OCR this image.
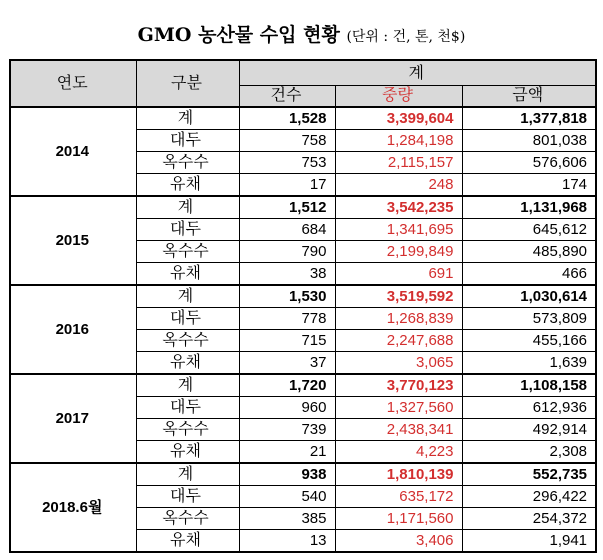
GMO 농산물 수입 현황 (단위 : 건, 톤, 천$)
연도	구분	계		
		건수	중량	금액
2014	계	1,528	3,399,604	1,377,818
	대두	758	1,284,198	801,038
	옥수수	753	2,115,157	576,606
	유채	17	248	174
2015	계	1,512	3,542,235	1,131,968
	대두	684	1,341,695	645,612
	옥수수	790	2,199,849	485,890
	유채	38	691	466
2016	계	1,530	3,519,592	1,030,614
	대두	778	1,268,839	573,809
	옥수수	715	2,247,688	455,166
	유채	37	3,065	1,639
2017	계	1,720	3,770,123	1,108,158
	대두	960	1,327,560	612,936
	옥수수	739	2,438,341	492,914
	유채	21	4,223	2,308
2018.6월	계	938	1,810,139	552,735
	대두	540	635,172	296,422
	옥수수	385	1,171,560	254,372
	유채	13	3,406	1,941
